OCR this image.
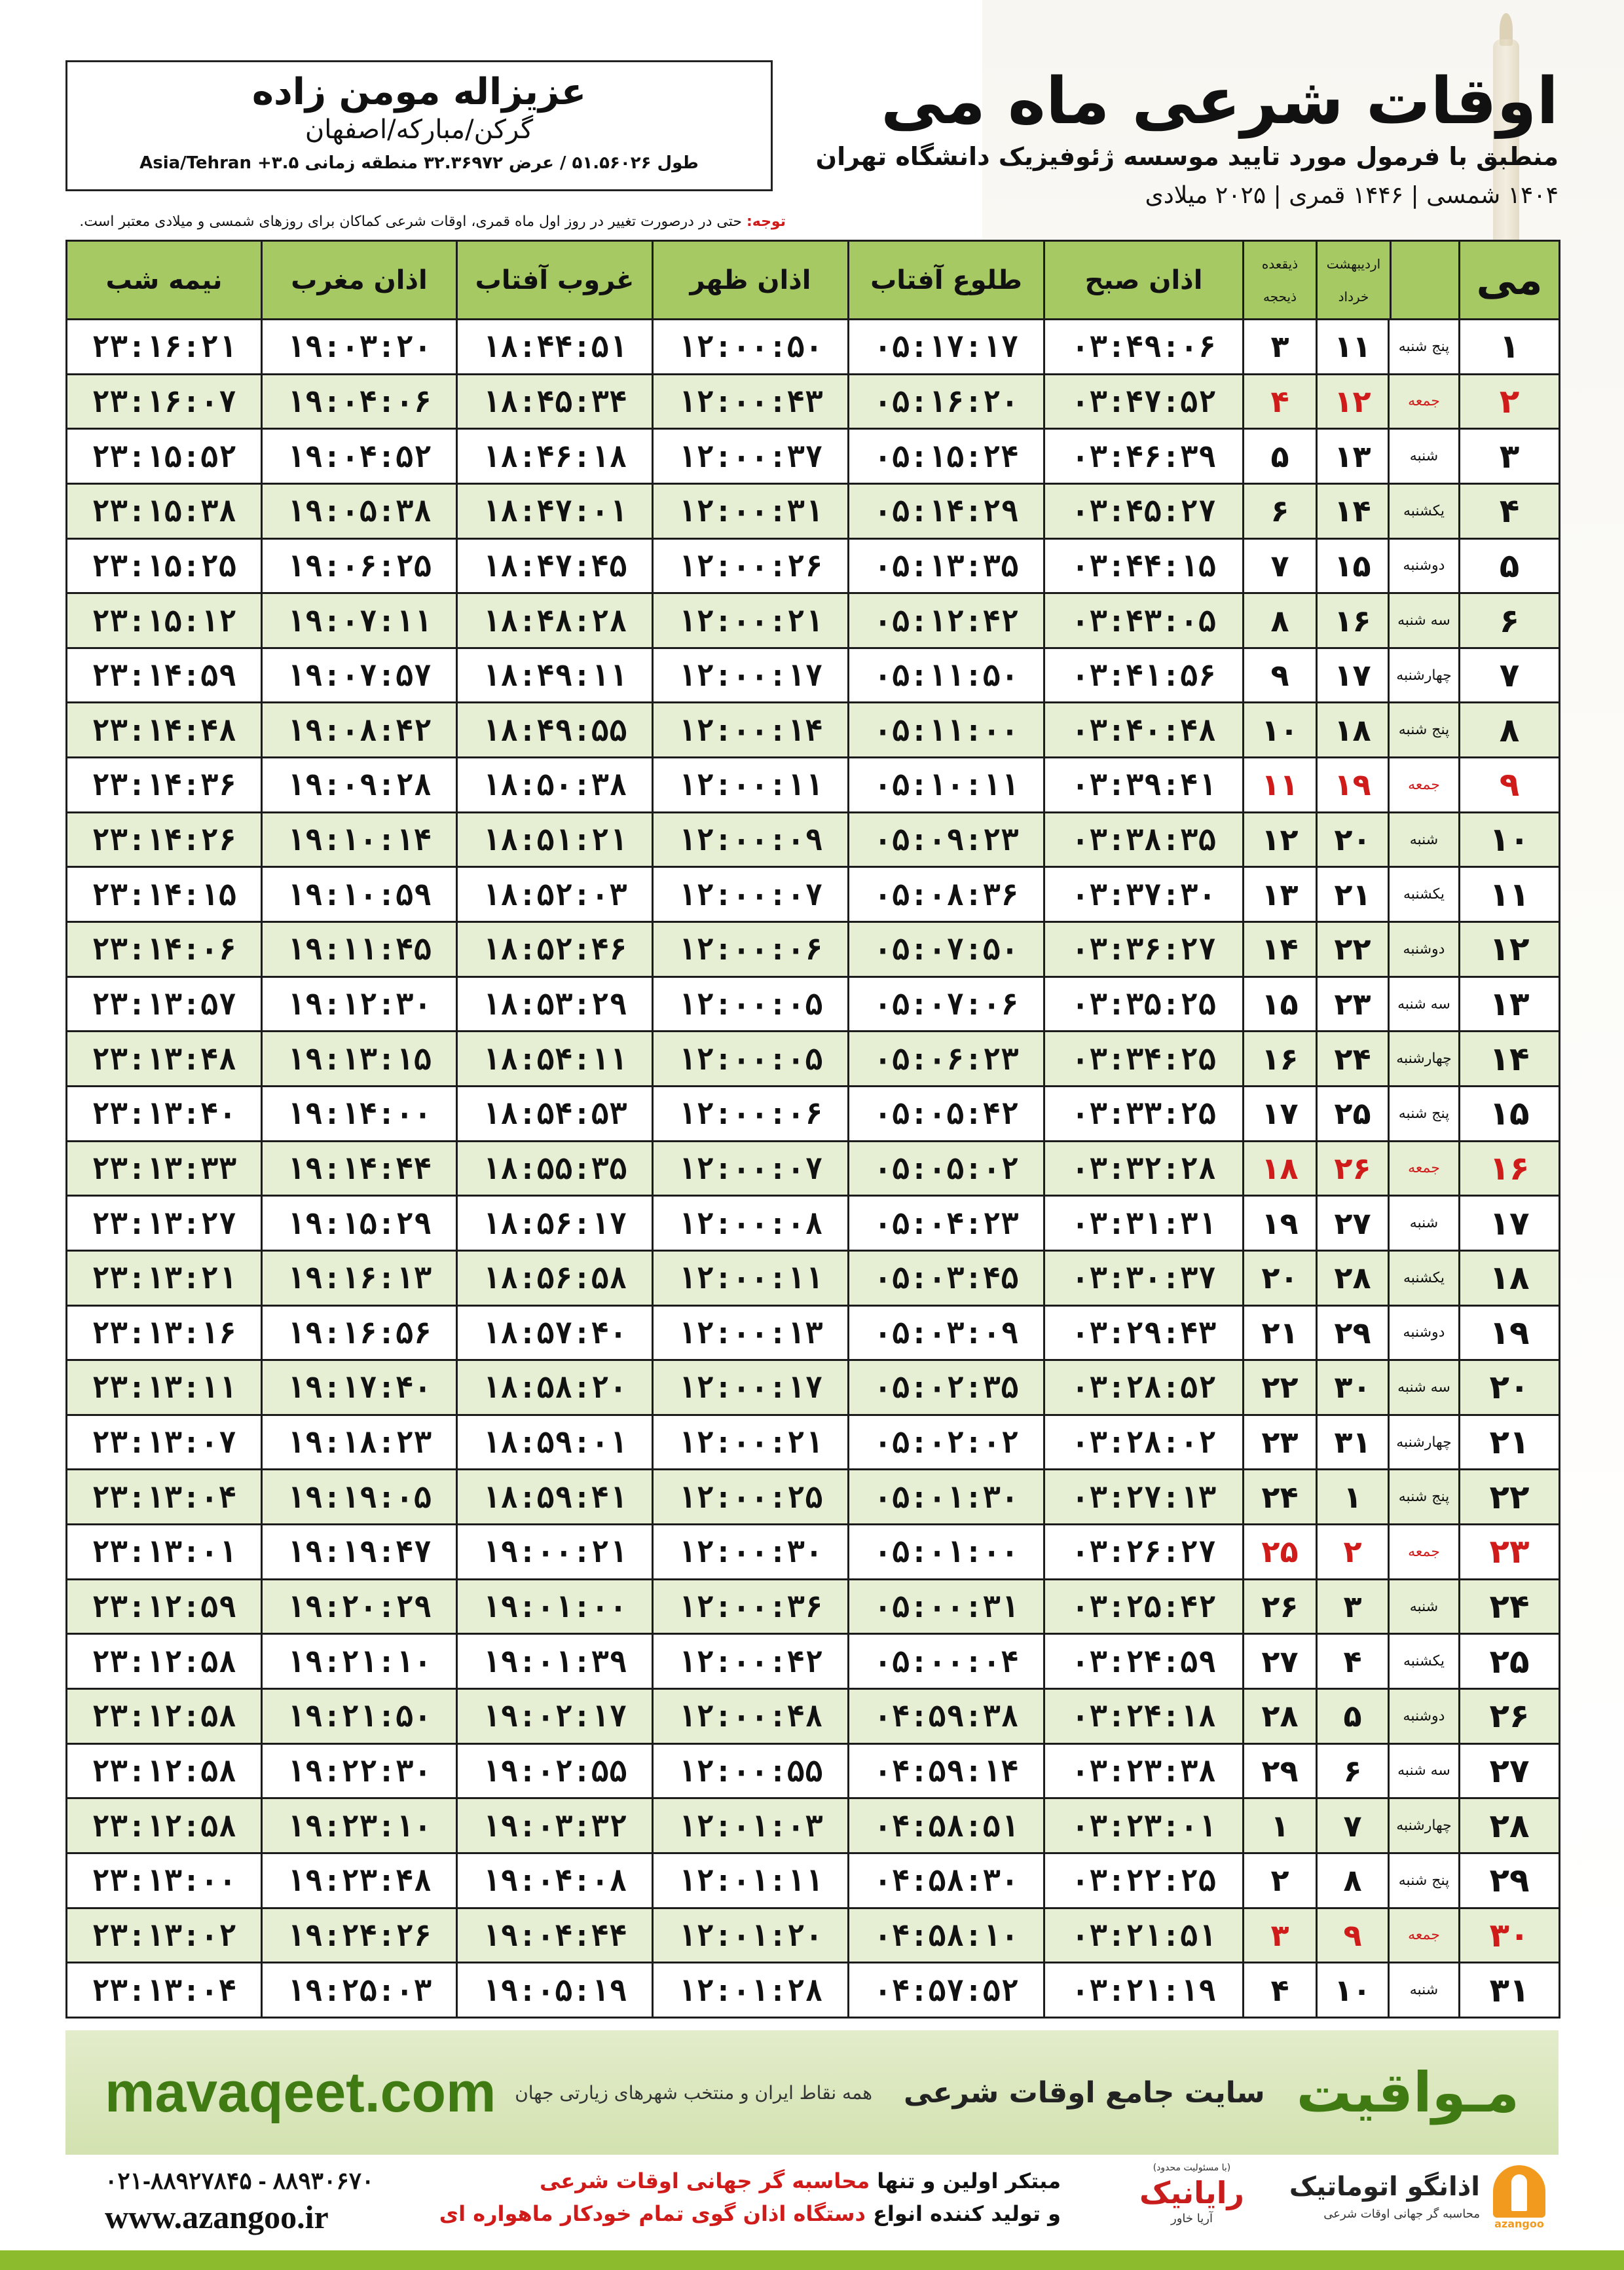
عزیزاله مومن زاده
گرکن/مبارکه/اصفهان
طول ۵۱.۵۶۰۲۶ / عرض ۳۲.۳۶۹۷۲ منطقه زمانی Asia/Tehran +۳.۵
توجه: حتی در درصورت تغییر در روز اول ماه قمری، اوقات شرعی کماکان برای روزهای شمسی و میلادی معتبر است.
اوقات شرعی ماه می
منطبق با فرمول مورد تایید موسسه ژئوفیزیک دانشگاه تهران
۱۴۰۴ شمسی | ۱۴۴۶ قمری | ۲۰۲۵ میلادی
می	اردیبهشت
خرداد		ذیقعده
ذیحجه	اذان صبح	طلوع آفتاب	اذان ظهر	غروب آفتاب	اذان مغرب	نیمه شب
۱	پنج شنبه	۱۱	۳	۰۳:۴۹:۰۶	۰۵:۱۷:۱۷	۱۲:۰۰:۵۰	۱۸:۴۴:۵۱	۱۹:۰۳:۲۰	۲۳:۱۶:۲۱
۲	جمعه	۱۲	۴	۰۳:۴۷:۵۲	۰۵:۱۶:۲۰	۱۲:۰۰:۴۳	۱۸:۴۵:۳۴	۱۹:۰۴:۰۶	۲۳:۱۶:۰۷
۳	شنبه	۱۳	۵	۰۳:۴۶:۳۹	۰۵:۱۵:۲۴	۱۲:۰۰:۳۷	۱۸:۴۶:۱۸	۱۹:۰۴:۵۲	۲۳:۱۵:۵۲
۴	یکشنبه	۱۴	۶	۰۳:۴۵:۲۷	۰۵:۱۴:۲۹	۱۲:۰۰:۳۱	۱۸:۴۷:۰۱	۱۹:۰۵:۳۸	۲۳:۱۵:۳۸
۵	دوشنبه	۱۵	۷	۰۳:۴۴:۱۵	۰۵:۱۳:۳۵	۱۲:۰۰:۲۶	۱۸:۴۷:۴۵	۱۹:۰۶:۲۵	۲۳:۱۵:۲۵
۶	سه شنبه	۱۶	۸	۰۳:۴۳:۰۵	۰۵:۱۲:۴۲	۱۲:۰۰:۲۱	۱۸:۴۸:۲۸	۱۹:۰۷:۱۱	۲۳:۱۵:۱۲
۷	چهارشنبه	۱۷	۹	۰۳:۴۱:۵۶	۰۵:۱۱:۵۰	۱۲:۰۰:۱۷	۱۸:۴۹:۱۱	۱۹:۰۷:۵۷	۲۳:۱۴:۵۹
۸	پنج شنبه	۱۸	۱۰	۰۳:۴۰:۴۸	۰۵:۱۱:۰۰	۱۲:۰۰:۱۴	۱۸:۴۹:۵۵	۱۹:۰۸:۴۲	۲۳:۱۴:۴۸
۹	جمعه	۱۹	۱۱	۰۳:۳۹:۴۱	۰۵:۱۰:۱۱	۱۲:۰۰:۱۱	۱۸:۵۰:۳۸	۱۹:۰۹:۲۸	۲۳:۱۴:۳۶
۱۰	شنبه	۲۰	۱۲	۰۳:۳۸:۳۵	۰۵:۰۹:۲۳	۱۲:۰۰:۰۹	۱۸:۵۱:۲۱	۱۹:۱۰:۱۴	۲۳:۱۴:۲۶
۱۱	یکشنبه	۲۱	۱۳	۰۳:۳۷:۳۰	۰۵:۰۸:۳۶	۱۲:۰۰:۰۷	۱۸:۵۲:۰۳	۱۹:۱۰:۵۹	۲۳:۱۴:۱۵
۱۲	دوشنبه	۲۲	۱۴	۰۳:۳۶:۲۷	۰۵:۰۷:۵۰	۱۲:۰۰:۰۶	۱۸:۵۲:۴۶	۱۹:۱۱:۴۵	۲۳:۱۴:۰۶
۱۳	سه شنبه	۲۳	۱۵	۰۳:۳۵:۲۵	۰۵:۰۷:۰۶	۱۲:۰۰:۰۵	۱۸:۵۳:۲۹	۱۹:۱۲:۳۰	۲۳:۱۳:۵۷
۱۴	چهارشنبه	۲۴	۱۶	۰۳:۳۴:۲۵	۰۵:۰۶:۲۳	۱۲:۰۰:۰۵	۱۸:۵۴:۱۱	۱۹:۱۳:۱۵	۲۳:۱۳:۴۸
۱۵	پنج شنبه	۲۵	۱۷	۰۳:۳۳:۲۵	۰۵:۰۵:۴۲	۱۲:۰۰:۰۶	۱۸:۵۴:۵۳	۱۹:۱۴:۰۰	۲۳:۱۳:۴۰
۱۶	جمعه	۲۶	۱۸	۰۳:۳۲:۲۸	۰۵:۰۵:۰۲	۱۲:۰۰:۰۷	۱۸:۵۵:۳۵	۱۹:۱۴:۴۴	۲۳:۱۳:۳۳
۱۷	شنبه	۲۷	۱۹	۰۳:۳۱:۳۱	۰۵:۰۴:۲۳	۱۲:۰۰:۰۸	۱۸:۵۶:۱۷	۱۹:۱۵:۲۹	۲۳:۱۳:۲۷
۱۸	یکشنبه	۲۸	۲۰	۰۳:۳۰:۳۷	۰۵:۰۳:۴۵	۱۲:۰۰:۱۱	۱۸:۵۶:۵۸	۱۹:۱۶:۱۳	۲۳:۱۳:۲۱
۱۹	دوشنبه	۲۹	۲۱	۰۳:۲۹:۴۳	۰۵:۰۳:۰۹	۱۲:۰۰:۱۳	۱۸:۵۷:۴۰	۱۹:۱۶:۵۶	۲۳:۱۳:۱۶
۲۰	سه شنبه	۳۰	۲۲	۰۳:۲۸:۵۲	۰۵:۰۲:۳۵	۱۲:۰۰:۱۷	۱۸:۵۸:۲۰	۱۹:۱۷:۴۰	۲۳:۱۳:۱۱
۲۱	چهارشنبه	۳۱	۲۳	۰۳:۲۸:۰۲	۰۵:۰۲:۰۲	۱۲:۰۰:۲۱	۱۸:۵۹:۰۱	۱۹:۱۸:۲۳	۲۳:۱۳:۰۷
۲۲	پنج شنبه	۱	۲۴	۰۳:۲۷:۱۳	۰۵:۰۱:۳۰	۱۲:۰۰:۲۵	۱۸:۵۹:۴۱	۱۹:۱۹:۰۵	۲۳:۱۳:۰۴
۲۳	جمعه	۲	۲۵	۰۳:۲۶:۲۷	۰۵:۰۱:۰۰	۱۲:۰۰:۳۰	۱۹:۰۰:۲۱	۱۹:۱۹:۴۷	۲۳:۱۳:۰۱
۲۴	شنبه	۳	۲۶	۰۳:۲۵:۴۲	۰۵:۰۰:۳۱	۱۲:۰۰:۳۶	۱۹:۰۱:۰۰	۱۹:۲۰:۲۹	۲۳:۱۲:۵۹
۲۵	یکشنبه	۴	۲۷	۰۳:۲۴:۵۹	۰۵:۰۰:۰۴	۱۲:۰۰:۴۲	۱۹:۰۱:۳۹	۱۹:۲۱:۱۰	۲۳:۱۲:۵۸
۲۶	دوشنبه	۵	۲۸	۰۳:۲۴:۱۸	۰۴:۵۹:۳۸	۱۲:۰۰:۴۸	۱۹:۰۲:۱۷	۱۹:۲۱:۵۰	۲۳:۱۲:۵۸
۲۷	سه شنبه	۶	۲۹	۰۳:۲۳:۳۸	۰۴:۵۹:۱۴	۱۲:۰۰:۵۵	۱۹:۰۲:۵۵	۱۹:۲۲:۳۰	۲۳:۱۲:۵۸
۲۸	چهارشنبه	۷	۱	۰۳:۲۳:۰۱	۰۴:۵۸:۵۱	۱۲:۰۱:۰۳	۱۹:۰۳:۳۲	۱۹:۲۳:۱۰	۲۳:۱۲:۵۸
۲۹	پنج شنبه	۸	۲	۰۳:۲۲:۲۵	۰۴:۵۸:۳۰	۱۲:۰۱:۱۱	۱۹:۰۴:۰۸	۱۹:۲۳:۴۸	۲۳:۱۳:۰۰
۳۰	جمعه	۹	۳	۰۳:۲۱:۵۱	۰۴:۵۸:۱۰	۱۲:۰۱:۲۰	۱۹:۰۴:۴۴	۱۹:۲۴:۲۶	۲۳:۱۳:۰۲
۳۱	شنبه	۱۰	۴	۰۳:۲۱:۱۹	۰۴:۵۷:۵۲	۱۲:۰۱:۲۸	۱۹:۰۵:۱۹	۱۹:۲۵:۰۳	۲۳:۱۳:۰۴
mavaqeet.com	مـواقیت
سایت جامع اوقات شرعی
همه نقاط ایران و منتخب شهرهای زیارتی جهان
۰۲۱-۸۸۹۲۷۸۴۵ - ۸۸۹۳۰۶۷۰
www.azangoo.ir
مبتکر اولین و تنها محاسبه گر جهانی اوقات شرعی
و تولید کننده انواع دستگاه اذان گوی تمام خودکار ماهواره ای
(با مسئولیت محدود)
رایانیک
آریا خاور	azangoo
اذانگو اتوماتیک
محاسبه گر جهانی اوقات شرعی
